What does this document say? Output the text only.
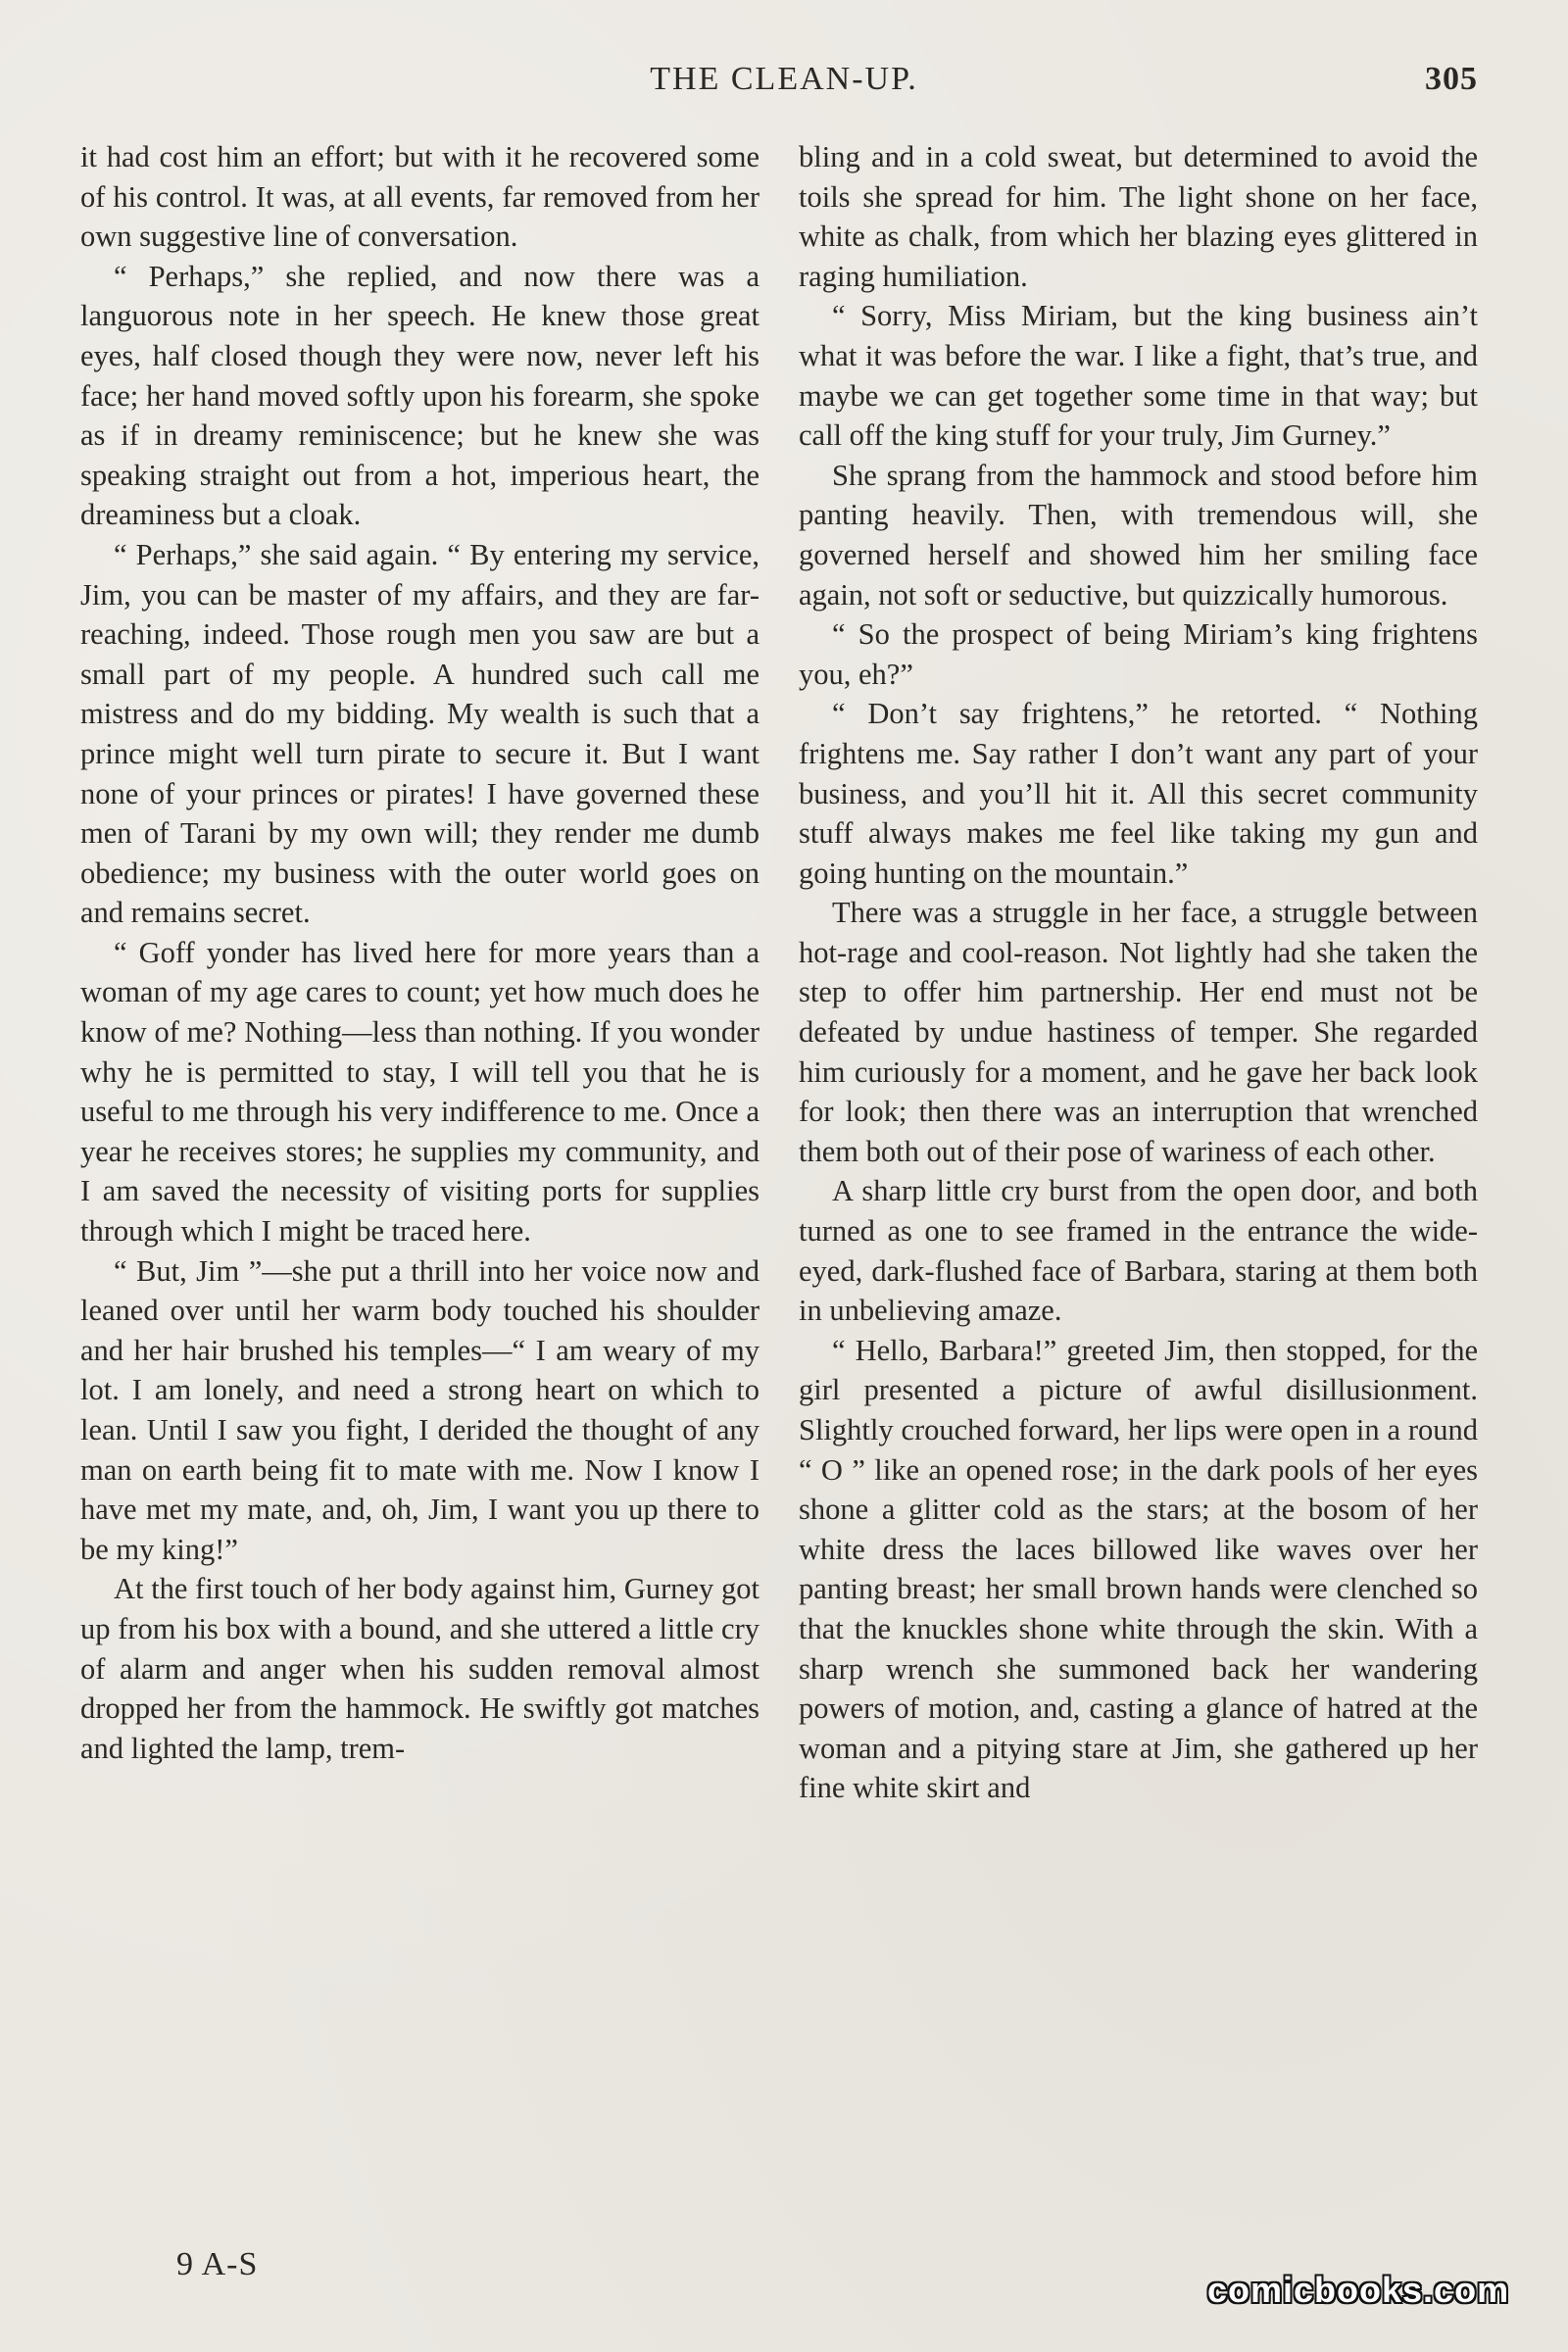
THE CLEAN-UP.	305

it had cost him an effort; but with it he recovered some of his control. It was, at all events, far removed from her own suggestive line of conversation.

“ Perhaps,” she replied, and now there was a languorous note in her speech. He knew those great eyes, half closed though they were now, never left his face; her hand moved softly upon his forearm, she spoke as if in dreamy reminiscence; but he knew she was speaking straight out from a hot, imperious heart, the dreaminess but a cloak.

“ Perhaps,” she said again. “ By entering my service, Jim, you can be master of my affairs, and they are far-reaching, indeed. Those rough men you saw are but a small part of my people. A hundred such call me mistress and do my bidding. My wealth is such that a prince might well turn pirate to secure it. But I want none of your princes or pirates! I have governed these men of Tarani by my own will; they render me dumb obedience; my business with the outer world goes on and remains secret.

“ Goff yonder has lived here for more years than a woman of my age cares to count; yet how much does he know of me? Nothing—less than nothing. If you wonder why he is permitted to stay, I will tell you that he is useful to me through his very indifference to me. Once a year he receives stores; he supplies my community, and I am saved the necessity of visiting ports for supplies through which I might be traced here.

“ But, Jim ”—she put a thrill into her voice now and leaned over until her warm body touched his shoulder and her hair brushed his temples—“ I am weary of my lot. I am lonely, and need a strong heart on which to lean. Until I saw you fight, I derided the thought of any man on earth being fit to mate with me. Now I know I have met my mate, and, oh, Jim, I want you up there to be my king!”

At the first touch of her body against him, Gurney got up from his box with a bound, and she uttered a little cry of alarm and anger when his sudden removal almost dropped her from the hammock. He swiftly got matches and lighted the lamp, trem-

bling and in a cold sweat, but determined to avoid the toils she spread for him. The light shone on her face, white as chalk, from which her blazing eyes glittered in raging humiliation.

“ Sorry, Miss Miriam, but the king business ain’t what it was before the war. I like a fight, that’s true, and maybe we can get together some time in that way; but call off the king stuff for your truly, Jim Gurney.”

She sprang from the hammock and stood before him panting heavily. Then, with tremendous will, she governed herself and showed him her smiling face again, not soft or seductive, but quizzically humorous.

“ So the prospect of being Miriam’s king frightens you, eh?”

“ Don’t say frightens,” he retorted. “ Nothing frightens me. Say rather I don’t want any part of your business, and you’ll hit it. All this secret community stuff always makes me feel like taking my gun and going hunting on the mountain.”

There was a struggle in her face, a struggle between hot-rage and cool-reason. Not lightly had she taken the step to offer him partnership. Her end must not be defeated by undue hastiness of temper. She regarded him curiously for a moment, and he gave her back look for look; then there was an interruption that wrenched them both out of their pose of wariness of each other.

A sharp little cry burst from the open door, and both turned as one to see framed in the entrance the wide-eyed, dark-flushed face of Barbara, staring at them both in unbelieving amaze.

“ Hello, Barbara!” greeted Jim, then stopped, for the girl presented a picture of awful disillusionment. Slightly crouched forward, her lips were open in a round “ O ” like an opened rose; in the dark pools of her eyes shone a glitter cold as the stars; at the bosom of her white dress the laces billowed like waves over her panting breast; her small brown hands were clenched so that the knuckles shone white through the skin. With a sharp wrench she summoned back her wandering powers of motion, and, casting a glance of hatred at the woman and a pitying stare at Jim, she gathered up her fine white skirt and

9 A-S
comicbooks.com
